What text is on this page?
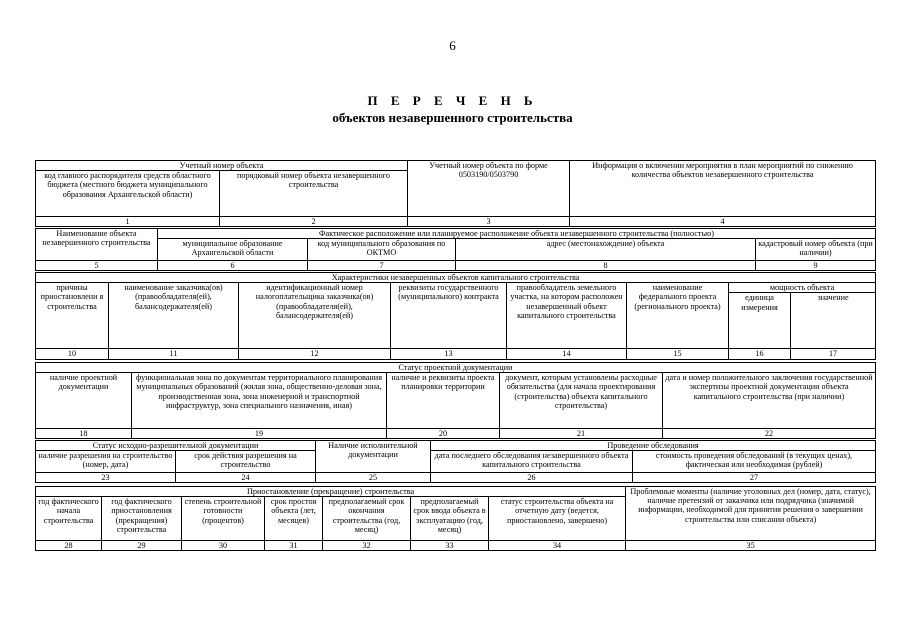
6
П Е Р Е Ч Е Н Ь
объектов незавершенного строительства
Учетный номер объекта		Учетный номер объекта по форме 0503190/0503790	Информация о включении мероприятия в план мероприятий по снижению количества объектов незавершенного строительства
код главного распорядителя средств областного бюджета (местного бюджета муниципального образования Архангельской области)	порядковый номер объекта незавершенного строительства		
1	2	3	4
Наименование объекта незавершенного строительства	Фактическое расположение или планируемое расположение объекта незавершенного строительства (полностью)			
	муниципальное образование Архангельской области	код муниципального образования по ОКТМО	адрес (местонахождение) объекта	кадастровый номер объекта (при наличии)
5	6	7	8	9
Характеристики незавершенных объектов капитального строительства							
причины приостановлени я строительства	наименование заказчика(ов) (правообладателя(ей), балансодержателя(ей)	идентификационный номер налогоплательщика заказчика(ов) (правообладателя(ей), балансодержателя(ей)	реквизиты государственного (муниципального) контракта	правообладатель земельного участка, на котором расположен незавершенный объект капитального строительства	наименование федерального проекта (регионального проекта)	мощность объекта	
						единица измерения	значение
10	11	12	13	14	15	16	17
Статус проектной документации				
наличие проектной документации	функциональная зона по документам территориального планирования муниципальных образований (жилая зона, общественно-деловая зона, производственная зона, зона инженерной и транспортной инфраструктур, зона специального назначения, иная)	наличие и реквизиты проекта планировки территории	документ, которым установлены расходные обязательства (для начала проектирования (строительства) объекта капитального строительства)	дата и номер положительного заключения государственной экспертизы проектной документации объекта капитального строительства (при наличии)
18	19	20	21	22
Статус исходно-разрешительной документации		Наличие исполнительной документации	Проведение обследования	
наличие разрешения на строительство (номер, дата)	срок действия разрешения на строительство		дата последнего обследования незавершенного объекта капитального строительства	стоимость проведения обследований (в текущих ценах), фактическая или необходимая (рублей)
23	24	25	26	27
Приостановление (прекращение) строительства							Проблемные моменты (наличие уголовных дел (номер, дата, статус), наличие претензий от заказчика или подрядчика (значимой информации, необходимой для принятия решения о завершении строительства или списании объекта)
год фактического начала строительства	год фактического приостановления (прекращения) строительства	степень строительной готовности (процентов)	срок простоя объекта (лет, месяцев)	предполагаемый срок окончания строительства (год, месяц)	предполагаемый срок ввода объекта в эксплуатацию (год, месяц)	статус строительства объекта на отчетную дату (ведется, приостановлено, завершено)	
28	29	30	31	32	33	34	35
